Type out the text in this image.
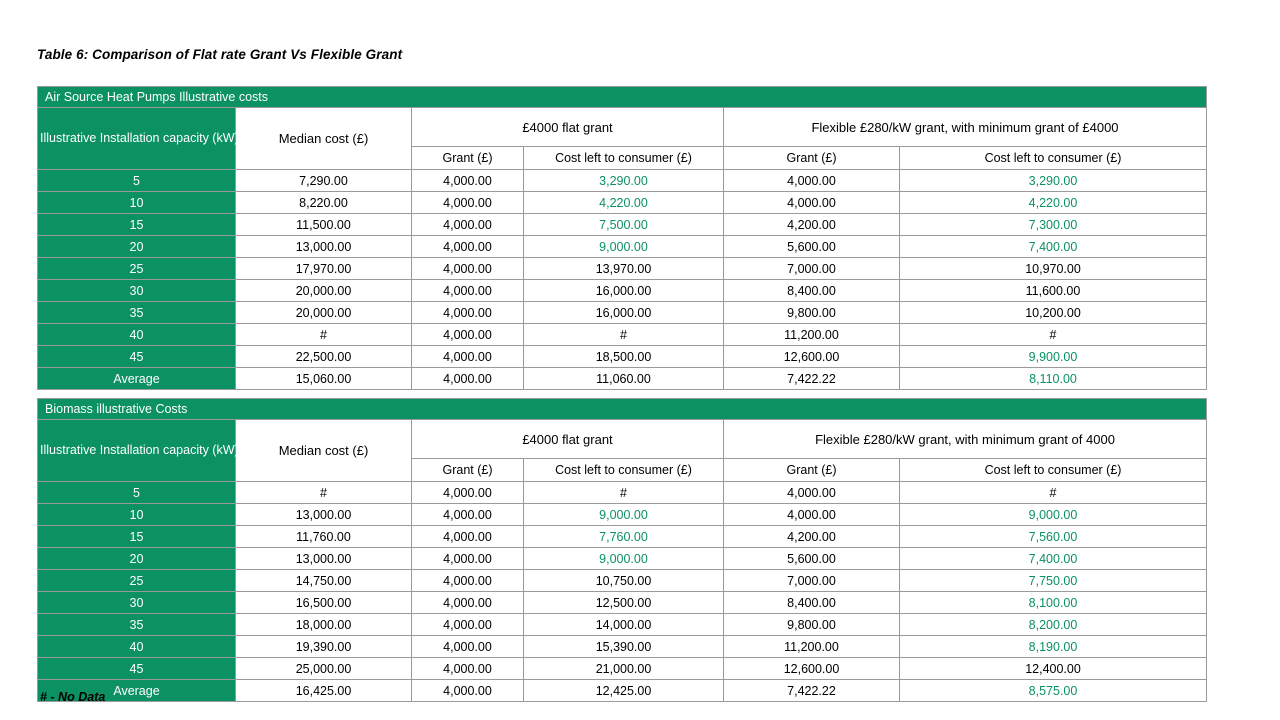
Table 6: Comparison of Flat rate Grant Vs Flexible Grant
Air Source Heat Pumps Illustrative costs					
Illustrative Installation capacity (kW)	Median cost (£)	£4000 flat grant		Flexible £280/kW grant, with minimum grant of £4000	
		Grant (£)	Cost left to consumer (£)	Grant (£)	Cost left to consumer (£)
5	7,290.00	4,000.00	3,290.00	4,000.00	3,290.00
10	8,220.00	4,000.00	4,220.00	4,000.00	4,220.00
15	11,500.00	4,000.00	7,500.00	4,200.00	7,300.00
20	13,000.00	4,000.00	9,000.00	5,600.00	7,400.00
25	17,970.00	4,000.00	13,970.00	7,000.00	10,970.00
30	20,000.00	4,000.00	16,000.00	8,400.00	11,600.00
35	20,000.00	4,000.00	16,000.00	9,800.00	10,200.00
40	#	4,000.00	#	11,200.00	#
45	22,500.00	4,000.00	18,500.00	12,600.00	9,900.00
Average	15,060.00	4,000.00	11,060.00	7,422.22	8,110.00
Biomass illustrative Costs					
Illustrative Installation capacity (kW)	Median cost (£)	£4000 flat grant		Flexible £280/kW grant, with minimum grant of 4000	
		Grant (£)	Cost left to consumer (£)	Grant (£)	Cost left to consumer (£)
5	#	4,000.00	#	4,000.00	#
10	13,000.00	4,000.00	9,000.00	4,000.00	9,000.00
15	11,760.00	4,000.00	7,760.00	4,200.00	7,560.00
20	13,000.00	4,000.00	9,000.00	5,600.00	7,400.00
25	14,750.00	4,000.00	10,750.00	7,000.00	7,750.00
30	16,500.00	4,000.00	12,500.00	8,400.00	8,100.00
35	18,000.00	4,000.00	14,000.00	9,800.00	8,200.00
40	19,390.00	4,000.00	15,390.00	11,200.00	8,190.00
45	25,000.00	4,000.00	21,000.00	12,600.00	12,400.00
Average	16,425.00	4,000.00	12,425.00	7,422.22	8,575.00
# - No Data
